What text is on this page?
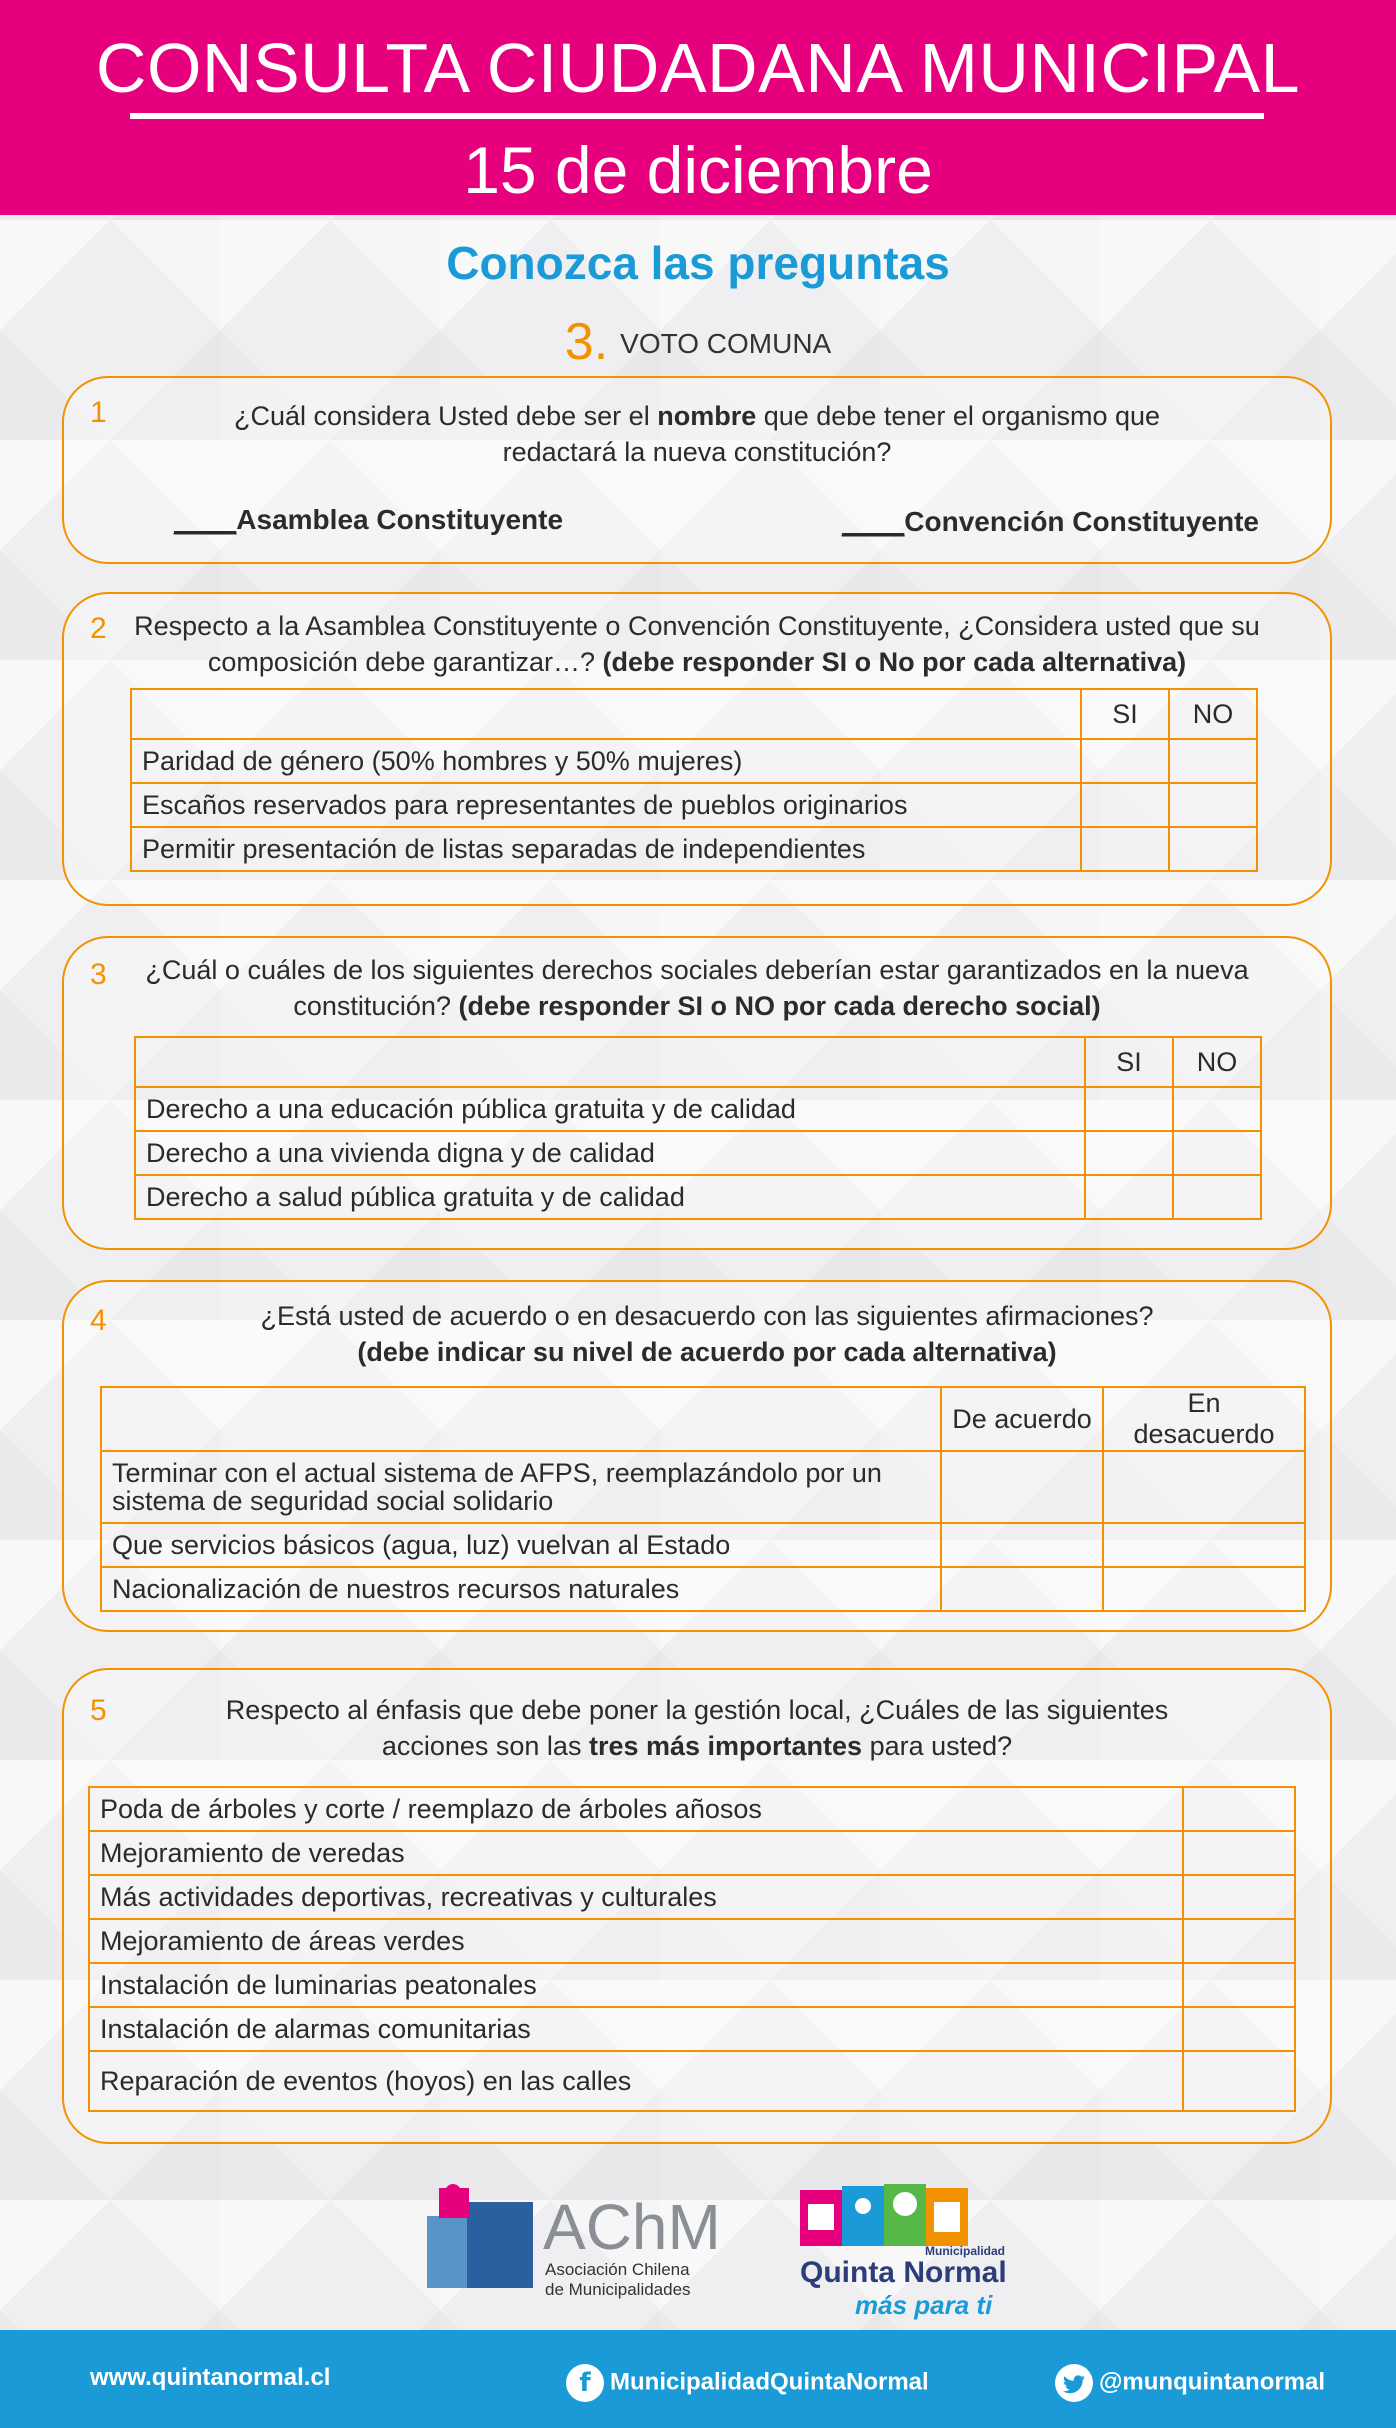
CONSULTA CIUDADANA MUNICIPAL
15 de diciembre
Conozca las preguntas
3. VOTO COMUNA
1	¿Cuál considera Usted debe ser el nombre que debe tener el organismo que redactará la nueva constitución?
____Asamblea Constituyente	____Convención Constituyente
2 Respecto a la Asamblea Constituyente o Convención Constituyente, ¿Considera usted que su composición debe garantizar…? (debe responder SI o No por cada alternativa)
	SI	NO
Paridad de género (50% hombres y 50% mujeres)		
Escaños reservados para representantes de pueblos originarios		
Permitir presentación de listas separadas de independientes		
3	¿Cuál o cuáles de los siguientes derechos sociales deberían estar garantizados en la nueva constitución? (debe responder SI o NO por cada derecho social)
	SI	NO
Derecho a una educación pública gratuita y de calidad		
Derecho a una vivienda digna y de calidad		
Derecho a salud pública gratuita y de calidad		
4	¿Está usted de acuerdo o en desacuerdo con las siguientes afirmaciones?
(debe indicar su nivel de acuerdo por cada alternativa)
	De acuerdo	En desacuerdo
Terminar con el actual sistema de AFPS, reemplazándolo por un sistema de seguridad social solidario		
Que servicios básicos (agua, luz) vuelvan al Estado		
Nacionalización de nuestros recursos naturales		
5	Respecto al énfasis que debe poner la gestión local, ¿Cuáles de las siguientes acciones son las tres más importantes para usted?
Poda de árboles y corte / reemplazo de árboles añosos	
Mejoramiento de veredas	
Más actividades deportivas, recreativas y culturales	
Mejoramiento de áreas verdes	
Instalación de luminarias peatonales	
Instalación de alarmas comunitarias	
Reparación de eventos (hoyos) en las calles	
AChM
Asociación Chilena
de Municipalidades
Municipalidad
Quinta Normal
más para ti
www.quintanormal.cl	f MunicipalidadQuintaNormal	@munquintanormal
